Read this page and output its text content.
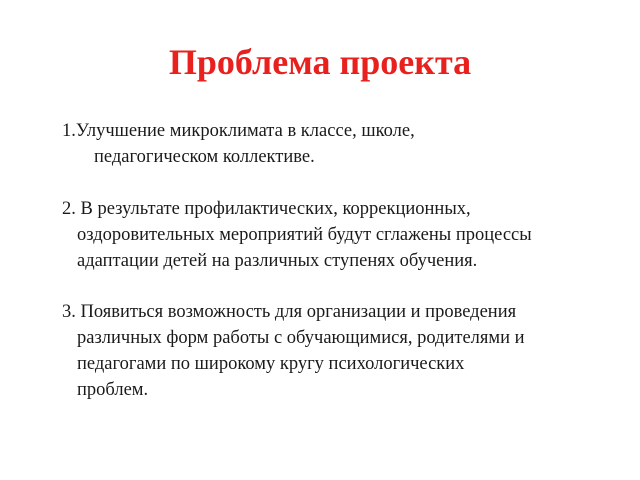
Проблема проекта

1.Улучшение микроклимата в классе, школе,
педагогическом коллективе.

2. В результате профилактических, коррекционных,
оздоровительных мероприятий будут сглажены процессы
адаптации детей на различных ступенях обучения.

3. Появиться возможность для организации и проведения
различных форм работы с обучающимися, родителями и
педагогами по широкому кругу психологических
проблем.
